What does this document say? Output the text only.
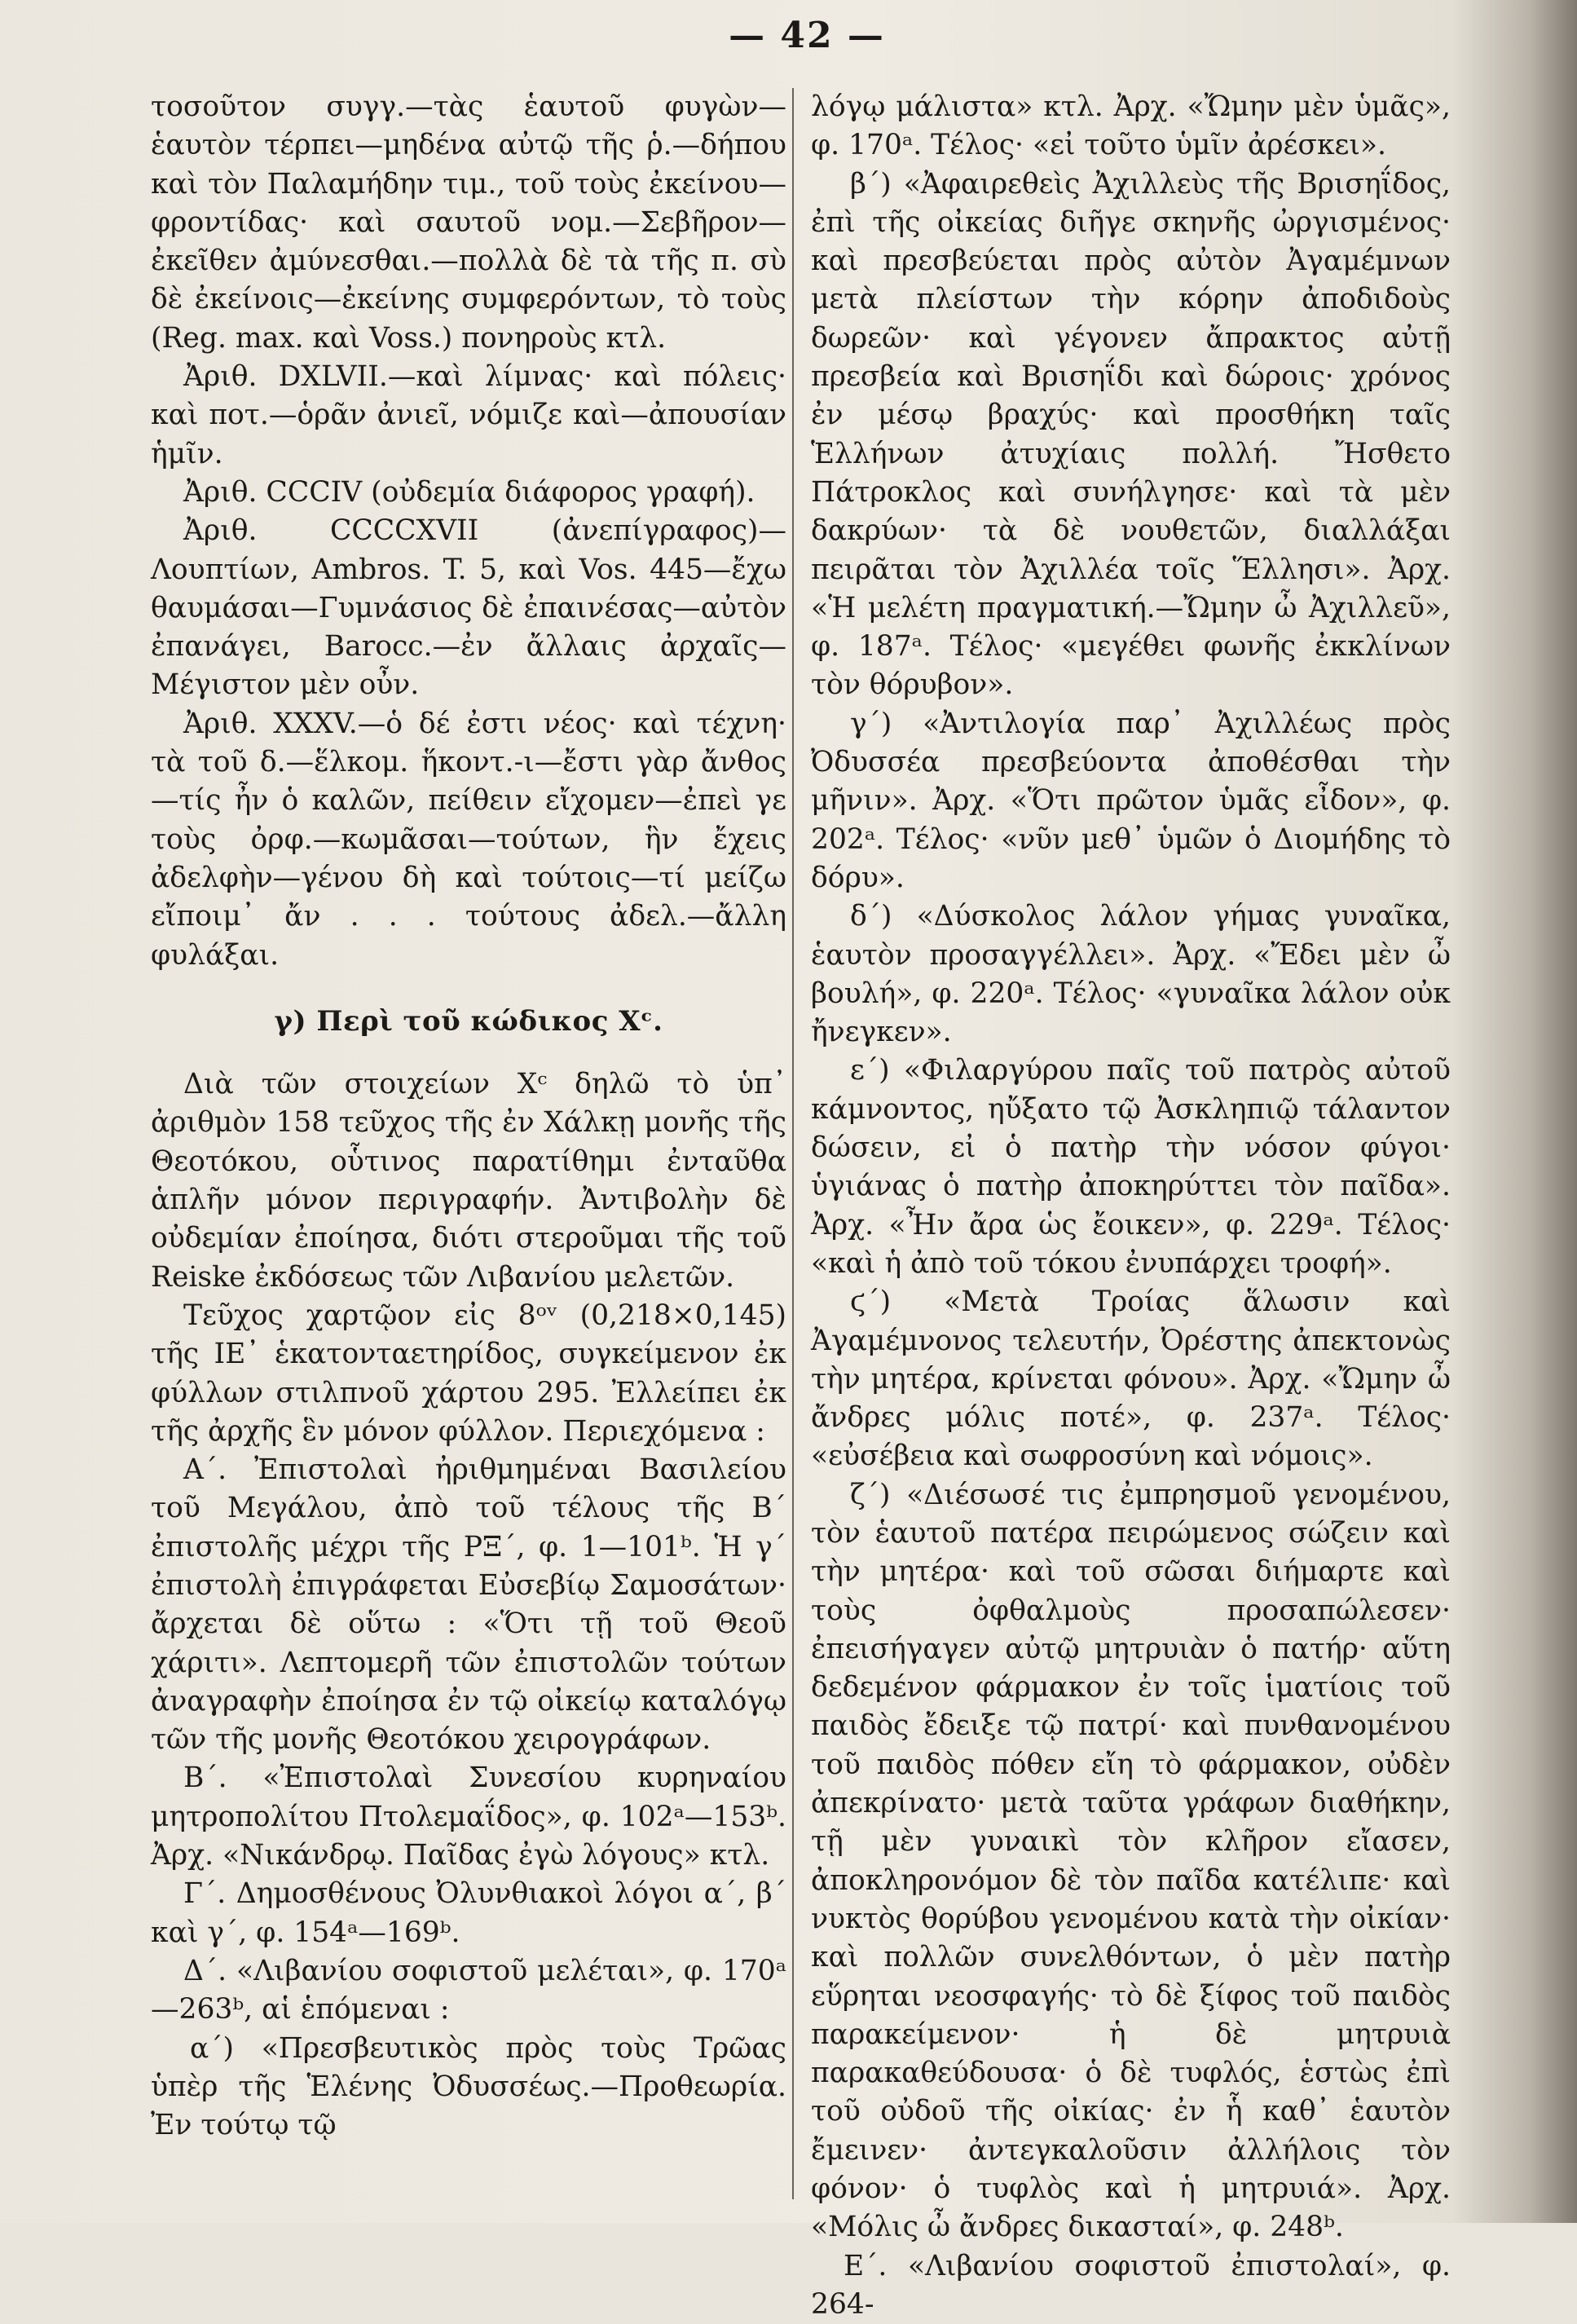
— 42 —

τοσοῦτον συγγ.—τὰς ἑαυτοῦ φυγὼν—ἑαυτὸν τέρπει—μηδένα αὐτῷ τῆς ῥ.—δήπου καὶ τὸν Παλαμήδην τιμ., τοῦ τοὺς ἐκείνου—φροντίδας· καὶ σαυτοῦ νομ.—Σεβῆρον—ἐκεῖθεν ἀμύνεσθαι.—πολλὰ δὲ τὰ τῆς π. σὺ δὲ ἐκείνοις—ἐκείνης συμφερόντων, τὸ τοὺς (Reg. max. καὶ Voss.) πονηροὺς κτλ.

Ἀριθ. DXLVII.—καὶ λίμνας· καὶ πόλεις· καὶ ποτ.—ὁρᾶν ἀνιεῖ, νόμιζε καὶ—ἀπουσίαν ἡμῖν.

Ἀριθ. CCCIV (οὐδεμία διάφορος γραφή).

Ἀριθ. CCCCXVII (ἀνεπίγραφος)—Λουπτίων, Ambros. T. 5, καὶ Vos. 445—ἔχω θαυμάσαι—Γυμνάσιος δὲ ἐπαινέσας—αὐτὸν ἐπανάγει, Barocc.—ἐν ἄλλαις ἀρχαῖς—Μέγιστον μὲν οὖν.

Ἀριθ. XXXV.—ὁ δέ ἐστι νέος· καὶ τέχνη· τὰ τοῦ δ.—ἕλκομ. ἥκοντ.-ι—ἔστι γὰρ ἄνθος—τίς ἦν ὁ καλῶν, πείθειν εἴχομεν—ἐπεὶ γε τοὺς ὀρφ.—κωμᾶσαι—τούτων, ἣν ἔχεις ἀδελφὴν—γένου δὴ καὶ τούτοις—τί μείζω εἴποιμ᾽ ἄν . . . τούτους ἀδελ.—ἄλλη φυλάξαι.

γ) Περὶ τοῦ κώδικος Xᶜ.

Διὰ τῶν στοιχείων Xᶜ δηλῶ τὸ ὑπ᾽ ἀριθμὸν 158 τεῦχος τῆς ἐν Χάλκῃ μονῆς τῆς Θεοτόκου, οὗτινος παρατίθημι ἐνταῦθα ἁπλῆν μόνον περιγραφήν. Ἀντιβολὴν δὲ οὐδεμίαν ἐποίησα, διότι στεροῦμαι τῆς τοῦ Reiske ἐκδόσεως τῶν Λιβανίου μελετῶν.

Τεῦχος χαρτῷον εἰς 8ᵒᵛ (0,218×0,145) τῆς ΙΕ᾽ ἑκατονταετηρίδος, συγκείμενον ἐκ φύλλων στιλπνοῦ χάρτου 295. Ἐλλείπει ἐκ τῆς ἀρχῆς ἓν μόνον φύλλον. Περιεχόμενα :

Α΄. Ἐπιστολαὶ ἠριθμημέναι Βασιλείου τοῦ Μεγάλου, ἀπὸ τοῦ τέλους τῆς Β΄ ἐπιστολῆς μέχρι τῆς ΡΞ΄, φ. 1—101ᵇ. Ἡ γ΄ ἐπιστολὴ ἐπιγράφεται Εὐσεβίῳ Σαμοσάτων· ἄρχεται δὲ οὕτω : «Ὅτι τῇ τοῦ Θεοῦ χάριτι». Λεπτομερῆ τῶν ἐπιστολῶν τούτων ἀναγραφὴν ἐποίησα ἐν τῷ οἰκείῳ καταλόγῳ τῶν τῆς μονῆς Θεοτόκου χειρογράφων.

Β΄. «Ἐπιστολαὶ Συνεσίου κυρηναίου μητροπολίτου Πτολεμαΐδος», φ. 102ᵃ—153ᵇ. Ἀρχ. «Νικάνδρῳ. Παῖδας ἐγὼ λόγους» κτλ.

Γ΄. Δημοσθένους Ὀλυνθιακοὶ λόγοι α΄, β΄ καὶ γ΄, φ. 154ᵃ—169ᵇ.

Δ΄. «Λιβανίου σοφιστοῦ μελέται», φ. 170ᵃ—263ᵇ, αἱ ἑπόμεναι :

α΄) «Πρεσβευτικὸς πρὸς τοὺς Τρῶας ὑπὲρ τῆς Ἑλένης Ὀδυσσέως.—Προθεωρία. Ἐν τούτῳ τῷ

λόγῳ μάλιστα» κτλ. Ἀρχ. «Ὤμην μὲν ὑμᾶς», φ. 170ᵃ. Τέλος· «εἰ τοῦτο ὑμῖν ἀρέσκει».

β΄) «Ἀφαιρεθεὶς Ἀχιλλεὺς τῆς Βρισηΐδος, ἐπὶ τῆς οἰκείας διῆγε σκηνῆς ὠργισμένος· καὶ πρεσβεύεται πρὸς αὐτὸν Ἀγαμέμνων μετὰ πλείστων τὴν κόρην ἀποδιδοὺς δωρεῶν· καὶ γέγονεν ἄπρακτος αὐτῇ πρεσβεία καὶ Βρισηΐδι καὶ δώροις· χρόνος ἐν μέσῳ βραχύς· καὶ προσθήκη ταῖς Ἑλλήνων ἀτυχίαις πολλή. Ἤσθετο Πάτροκλος καὶ συνήλγησε· καὶ τὰ μὲν δακρύων· τὰ δὲ νουθετῶν, διαλλάξαι πειρᾶται τὸν Ἀχιλλέα τοῖς Ἕλλησι». Ἀρχ. «Ἡ μελέτη πραγματική.—Ὤμην ὦ Ἀχιλλεῦ», φ. 187ᵃ. Τέλος· «μεγέθει φωνῆς ἐκκλίνων τὸν θόρυβον».

γ΄) «Ἀντιλογία παρ᾽ Ἀχιλλέως πρὸς Ὀδυσσέα πρεσβεύοντα ἀποθέσθαι τὴν μῆνιν». Ἀρχ. «Ὅτι πρῶτον ὑμᾶς εἶδον», φ. 202ᵃ. Τέλος· «νῦν μεθ᾽ ὑμῶν ὁ Διομήδης τὸ δόρυ».

δ΄) «Δύσκολος λάλον γήμας γυναῖκα, ἑαυτὸν προσαγγέλλει». Ἀρχ. «Ἔδει μὲν ὦ βουλή», φ. 220ᵃ. Τέλος· «γυναῖκα λάλον οὐκ ἤνεγκεν».

ε΄) «Φιλαργύρου παῖς τοῦ πατρὸς αὐτοῦ κάμνοντος, ηὔξατο τῷ Ἀσκληπιῷ τάλαντον δώσειν, εἰ ὁ πατὴρ τὴν νόσον φύγοι· ὑγιάνας ὁ πατὴρ ἀποκηρύττει τὸν παῖδα». Ἀρχ. «Ἦν ἄρα ὡς ἔοικεν», φ. 229ᵃ. Τέλος· «καὶ ἡ ἀπὸ τοῦ τόκου ἐνυπάρχει τροφή».

ϛ΄) «Μετὰ Τροίας ἅλωσιν καὶ Ἀγαμέμνονος τελευτήν, Ὀρέστης ἀπεκτονὼς τὴν μητέρα, κρίνεται φόνου». Ἀρχ. «Ὤμην ὦ ἄνδρες μόλις ποτέ», φ. 237ᵃ. Τέλος· «εὐσέβεια καὶ σωφροσύνη καὶ νόμοις».

ζ΄) «Διέσωσέ τις ἐμπρησμοῦ γενομένου, τὸν ἑαυτοῦ πατέρα πειρώμενος σώζειν καὶ τὴν μητέρα· καὶ τοῦ σῶσαι διήμαρτε καὶ τοὺς ὀφθαλμοὺς προσαπώλεσεν· ἐπεισήγαγεν αὐτῷ μητρυιὰν ὁ πατήρ· αὕτη δεδεμένον φάρμακον ἐν τοῖς ἱματίοις τοῦ παιδὸς ἔδειξε τῷ πατρί· καὶ πυνθανομένου τοῦ παιδὸς πόθεν εἴη τὸ φάρμακον, οὐδὲν ἀπεκρίνατο· μετὰ ταῦτα γράφων διαθήκην, τῇ μὲν γυναικὶ τὸν κλῆρον εἴασεν, ἀποκληρονόμον δὲ τὸν παῖδα κατέλιπε· καὶ νυκτὸς θορύβου γενομένου κατὰ τὴν οἰκίαν· καὶ πολλῶν συνελθόντων, ὁ μὲν πατὴρ εὕρηται νεοσφαγής· τὸ δὲ ξίφος τοῦ παιδὸς παρακείμενον· ἡ δὲ μητρυιὰ παρακαθεύδουσα· ὁ δὲ τυφλός, ἑστὼς ἐπὶ τοῦ οὐδοῦ τῆς οἰκίας· ἐν ἧ καθ᾽ ἑαυτὸν ἔμεινεν· ἀντεγκαλοῦσιν ἀλλήλοις τὸν φόνον· ὁ τυφλὸς καὶ ἡ μητρυιά». Ἀρχ. «Μόλις ὦ ἄνδρες δικασταί», φ. 248ᵇ.

Ε΄. «Λιβανίου σοφιστοῦ ἐπιστολαί», φ. 264-
